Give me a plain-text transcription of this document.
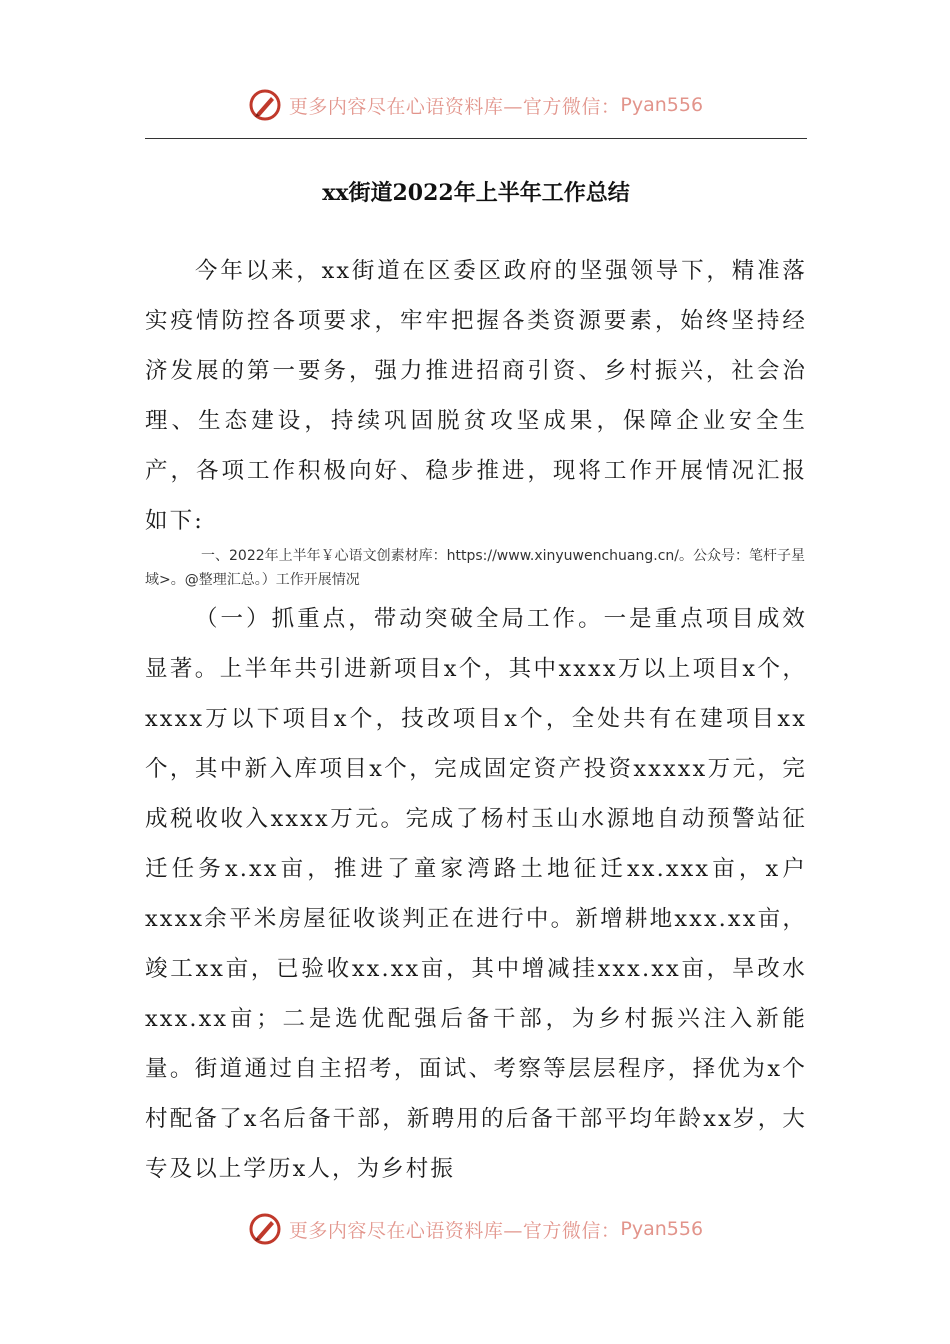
更多内容尽在心语资料库—官方微信： Pyan556
xx街道2022年上半年工作总结

今年以来，xx街道在区委区政府的坚强领导下，精准落实疫情防控各项要求，牢牢把握各类资源要素，始终坚持经济发展的第一要务，强力推进招商引资、乡村振兴，社会治理、生态建设，持续巩固脱贫攻坚成果，保障企业安全生产，各项工作积极向好、稳步推进，现将工作开展情况汇报如下:

一、2022年上半年￥心语文创素材库：https://www.xinyuwenchuang.cn/。公众号：笔杆子星域>。@整理汇总。）工作开展情况

（一）抓重点，带动突破全局工作。一是重点项目成效显著。上半年共引进新项目x个，其中xxxx万以上项目x个，xxxx万以下项目x个，技改项目x个，全处共有在建项目xx个，其中新入库项目x个，完成固定资产投资xxxxx万元，完成税收收入xxxx万元。完成了杨村玉山水源地自动预警站征迁任务x.xx亩，推进了童家湾路土地征迁xx.xxx亩，x户xxxx余平米房屋征收谈判正在进行中。新增耕地xxx.xx亩，竣工xx亩，已验收xx.xx亩，其中增减挂xxx.xx亩，旱改水xxx.xx亩；二是选优配强后备干部，为乡村振兴注入新能量。街道通过自主招考，面试、考察等层层程序，择优为x个村配备了x名后备干部，新聘用的后备干部平均年龄xx岁，大专及以上学历x人，为乡村振

更多内容尽在心语资料库—官方微信： Pyan556
